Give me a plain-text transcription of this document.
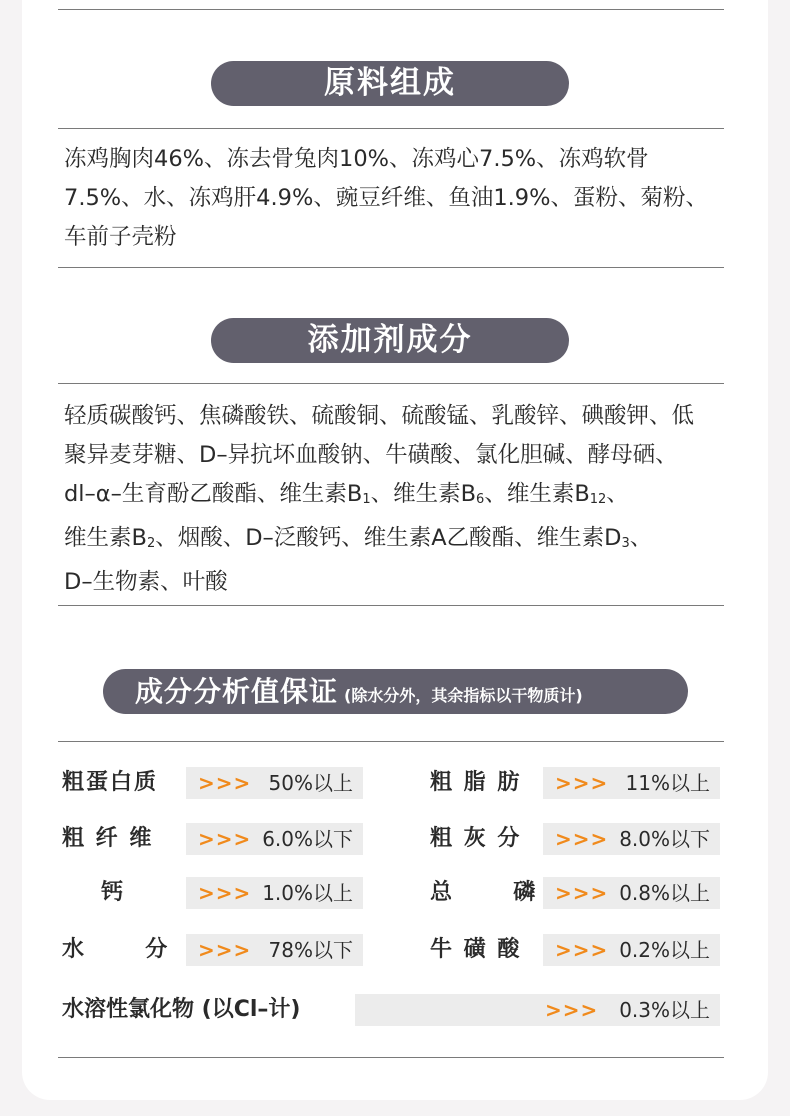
原料组成
冻鸡胸肉46%、冻去骨兔肉10%、冻鸡心7.5%、冻鸡软骨
7.5%、水、冻鸡肝4.9%、豌豆纤维、鱼油1.9%、蛋粉、菊粉、
车前子壳粉
添加剂成分
轻质碳酸钙、焦磷酸铁、硫酸铜、硫酸锰、乳酸锌、碘酸钾、低
聚异麦芽糖、D–异抗坏血酸钠、牛磺酸、氯化胆碱、酵母硒、
dl–α–生育酚乙酸酯、维生素$B_1$、维生素$B_6$、维生素$B_{12}$、
维生素$B_2$、烟酸、D–泛酸钙、维生素A乙酸酯、维生素$D_3$、
D–生物素、叶酸
成分分析值保证 (除水分外，其余指标以干物质计)
粗蛋白质 >>> 50%以上	粗 脂 肪 >>> 11%以上
粗 纤 维 >>> 6.0%以下	粗 灰 分 >>> 8.0%以下
钙	>>> 1.0%以上	总        磷 >>> 0.8%以上
水        分 >>> 78%以下	牛 磺 酸 >>> 0.2%以上
水溶性氯化物 (以Cl–计)	>>> 0.3%以上
